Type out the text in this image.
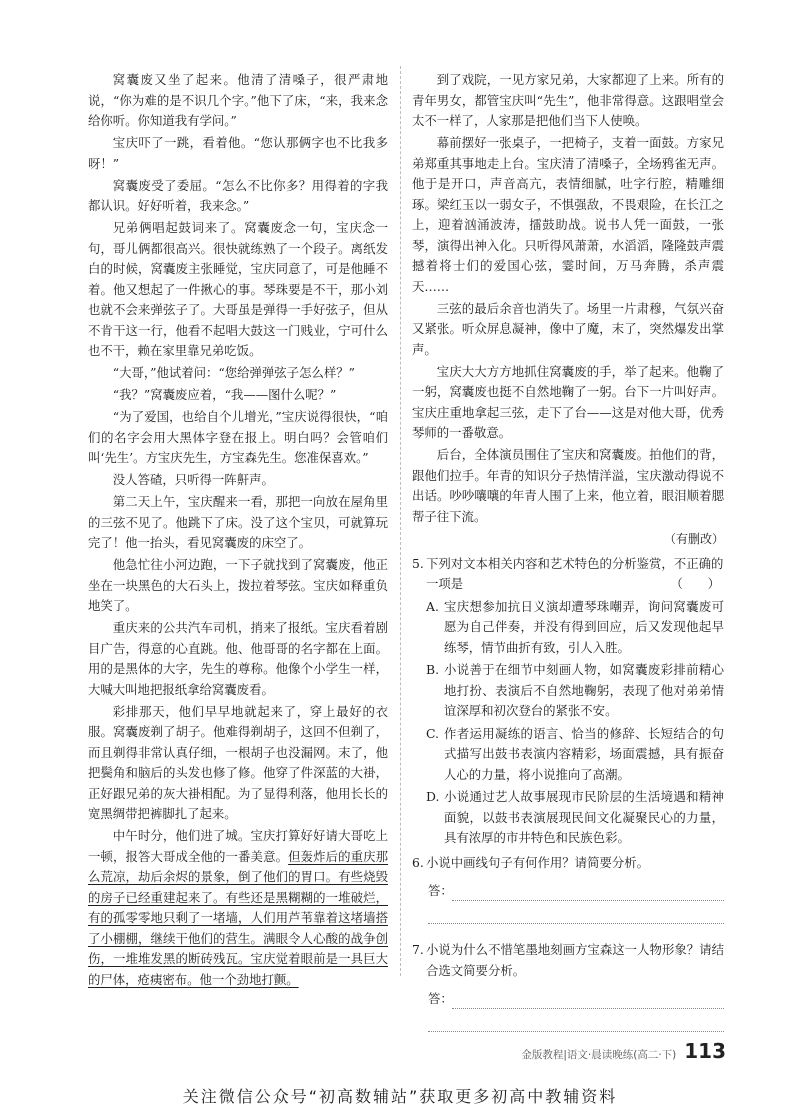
窝囊废又坐了起来。他清了清嗓子，很严肃地说，“你为难的是不识几个字。”他下了床，“来，我来念给你听。你知道我有学问。”

宝庆吓了一跳，看着他。“您认那俩字也不比我多呀！”

窝囊废受了委屈。“怎么不比你多？用得着的字我都认识。好好听着，我来念。”

兄弟俩唱起鼓词来了。窝囊废念一句，宝庆念一句，哥儿俩都很高兴。很快就练熟了一个段子。离纸发白的时候，窝囊废主张睡觉，宝庆同意了，可是他睡不着。他又想起了一件揪心的事。琴珠要是不干，那小刘也就不会来弹弦子了。大哥虽是弹得一手好弦子，但从不肯干这一行，他看不起唱大鼓这一门贱业，宁可什么也不干，赖在家里靠兄弟吃饭。

“大哥，”他试着问：“您给弹弹弦子怎么样？”

“我？”窝囊废应着，“我——图什么呢？”

“为了爱国，也给自个儿增光，”宝庆说得很快，“咱们的名字会用大黑体字登在报上。明白吗？会管咱们叫‘先生’。方宝庆先生，方宝森先生。您准保喜欢。”

没人答碴，只听得一阵鼾声。

第二天上午，宝庆醒来一看，那把一向放在屋角里的三弦不见了。他跳下了床。没了这个宝贝，可就算玩完了！他一抬头，看见窝囊废的床空了。

他急忙往小河边跑，一下子就找到了窝囊废，他正坐在一块黑色的大石头上，拨拉着琴弦。宝庆如释重负地笑了。

重庆来的公共汽车司机，捎来了报纸。宝庆看着剧目广告，得意的心直跳。他、他哥哥的名字都在上面。用的是黑体的大字，先生的尊称。他像个小学生一样，大喊大叫地把报纸拿给窝囊废看。

彩排那天，他们早早地就起来了，穿上最好的衣服。窝囊废剃了胡子。他难得剃胡子，这回不但剃了，而且剃得非常认真仔细，一根胡子也没漏网。末了，他把鬓角和脑后的头发也修了修。他穿了件深蓝的大褂，正好跟兄弟的灰大褂相配。为了显得利落，他用长长的宽黑绸带把裤脚扎了起来。

中午时分，他们进了城。宝庆打算好好请大哥吃上一顿，报答大哥成全他的一番美意。但轰炸后的重庆那么荒凉，劫后余烬的景象，倒了他们的胃口。有些烧毁的房子已经重建起来了。有些还是黑糊糊的一堆破烂，有的孤零零地只剩了一堵墙，人们用芦苇靠着这堵墙搭了小棚棚，继续干他们的营生。满眼令人心酸的战争创伤，一堆堆发黑的断砖残瓦。宝庆觉着眼前是一具巨大的尸体，疮痍密布。他一个劲地打颤。

到了戏院，一见方家兄弟，大家都迎了上来。所有的青年男女，都管宝庆叫“先生”，他非常得意。这跟唱堂会太不一样了，人家那是把他们当下人使唤。

幕前摆好一张桌子，一把椅子，支着一面鼓。方家兄弟郑重其事地走上台。宝庆清了清嗓子，全场鸦雀无声。他于是开口，声音高亢，表情细腻，吐字行腔，精雕细琢。梁红玉以一弱女子，不惧强敌，不畏艰险，在长江之上，迎着汹涌波涛，擂鼓助战。说书人凭一面鼓，一张琴，演得出神入化。只听得风萧萧，水滔滔，隆隆鼓声震撼着将士们的爱国心弦，霎时间，万马奔腾，杀声震天……

三弦的最后余音也消失了。场里一片肃穆，气氛兴奋又紧张。听众屏息凝神，像中了魔，末了，突然爆发出掌声。

宝庆大大方方地抓住窝囊废的手，举了起来。他鞠了一躬，窝囊废也挺不自然地鞠了一躬。台下一片叫好声。宝庆庄重地拿起三弦，走下了台——这是对他大哥，优秀琴师的一番敬意。

后台，全体演员围住了宝庆和窝囊废。拍他们的背，跟他们拉手。年青的知识分子热情洋溢，宝庆激动得说不出话。吵吵嚷嚷的年青人围了上来，他立着，眼泪顺着腮帮子往下流。

（有删改）

5. 下列对文本相关内容和艺术特色的分析鉴赏，不正确的
一项是	（　　）
A. 宝庆想参加抗日义演却遭琴珠嘲弄，询问窝囊废可愿为自己伴奏，并没有得到回应，后又发现他起早练琴，情节曲折有致，引人入胜。
B. 小说善于在细节中刻画人物，如窝囊废彩排前精心地打扮、表演后不自然地鞠躬，表现了他对弟弟情谊深厚和初次登台的紧张不安。
C. 作者运用凝练的语言、恰当的修辞、长短结合的句式描写出鼓书表演内容精彩，场面震撼，具有振奋人心的力量，将小说推向了高潮。
D. 小说通过艺人故事展现市民阶层的生活境遇和精神面貌，以鼓书表演展现民间文化凝聚民心的力量，具有浓厚的市井特色和民族色彩。
6. 小说中画线句子有何作用？请简要分析。
答：
7. 小说为什么不惜笔墨地刻画方宝森这一人物形象？请结合选文简要分析。
答：
金版教程|语文·晨读晚练(高二·下) 113
关注微信公众号“初高数辅站”获取更多初高中教辅资料
